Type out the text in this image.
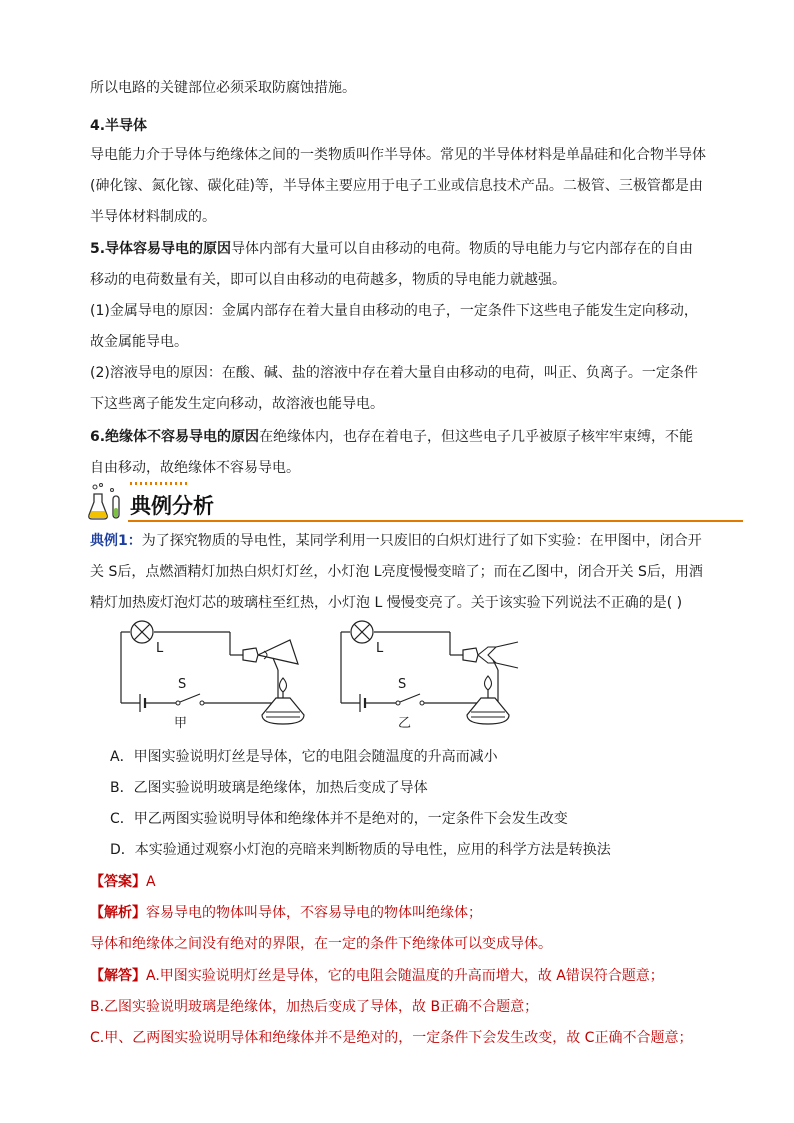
所以电路的关键部位必须采取防腐蚀措施。
4.半导体
导电能力介于导体与绝缘体之间的一类物质叫作半导体。常见的半导体材料是单晶硅和化合物半导体
(砷化镓、氮化镓、碳化硅)等，半导体主要应用于电子工业或信息技术产品。二极管、三极管都是由
半导体材料制成的。
5.导体容易导电的原因导体内部有大量可以自由移动的电荷。物质的导电能力与它内部存在的自由
移动的电荷数量有关，即可以自由移动的电荷越多，物质的导电能力就越强。
(1)金属导电的原因：金属内部存在着大量自由移动的电子，一定条件下这些电子能发生定向移动，
故金属能导电。
(2)溶液导电的原因：在酸、碱、盐的溶液中存在着大量自由移动的电荷，叫正、负离子。一定条件
下这些离子能发生定向移动，故溶液也能导电。
6.绝缘体不容易导电的原因在绝缘体内，也存在着电子，但这些电子几乎被原子核牢牢束缚，不能
自由移动，故绝缘体不容易导电。
典例分析
典例1：为了探究物质的导电性，某同学利用一只废旧的白炽灯进行了如下实验：在甲图中，闭合开
关 S后，点燃酒精灯加热白炽灯灯丝，小灯泡 L亮度慢慢变暗了；而在乙图中，闭合开关 S后，用酒
精灯加热废灯泡灯芯的玻璃柱至红热，小灯泡 L 慢慢变亮了。关于该实验下列说法不正确的是( )
L
S
甲
L
S
乙
A．甲图实验说明灯丝是导体，它的电阻会随温度的升高而减小
B．乙图实验说明玻璃是绝缘体，加热后变成了导体
C．甲乙两图实验说明导体和绝缘体并不是绝对的，一定条件下会发生改变
D．本实验通过观察小灯泡的亮暗来判断物质的导电性，应用的科学方法是转换法
【答案】A
【解析】容易导电的物体叫导体，不容易导电的物体叫绝缘体；
导体和绝缘体之间没有绝对的界限，在一定的条件下绝缘体可以变成导体。
【解答】A.甲图实验说明灯丝是导体，它的电阻会随温度的升高而增大，故 A错误符合题意；
B.乙图实验说明玻璃是绝缘体，加热后变成了导体，故 B正确不合题意；
C.甲、乙两图实验说明导体和绝缘体并不是绝对的，一定条件下会发生改变，故 C正确不合题意；
